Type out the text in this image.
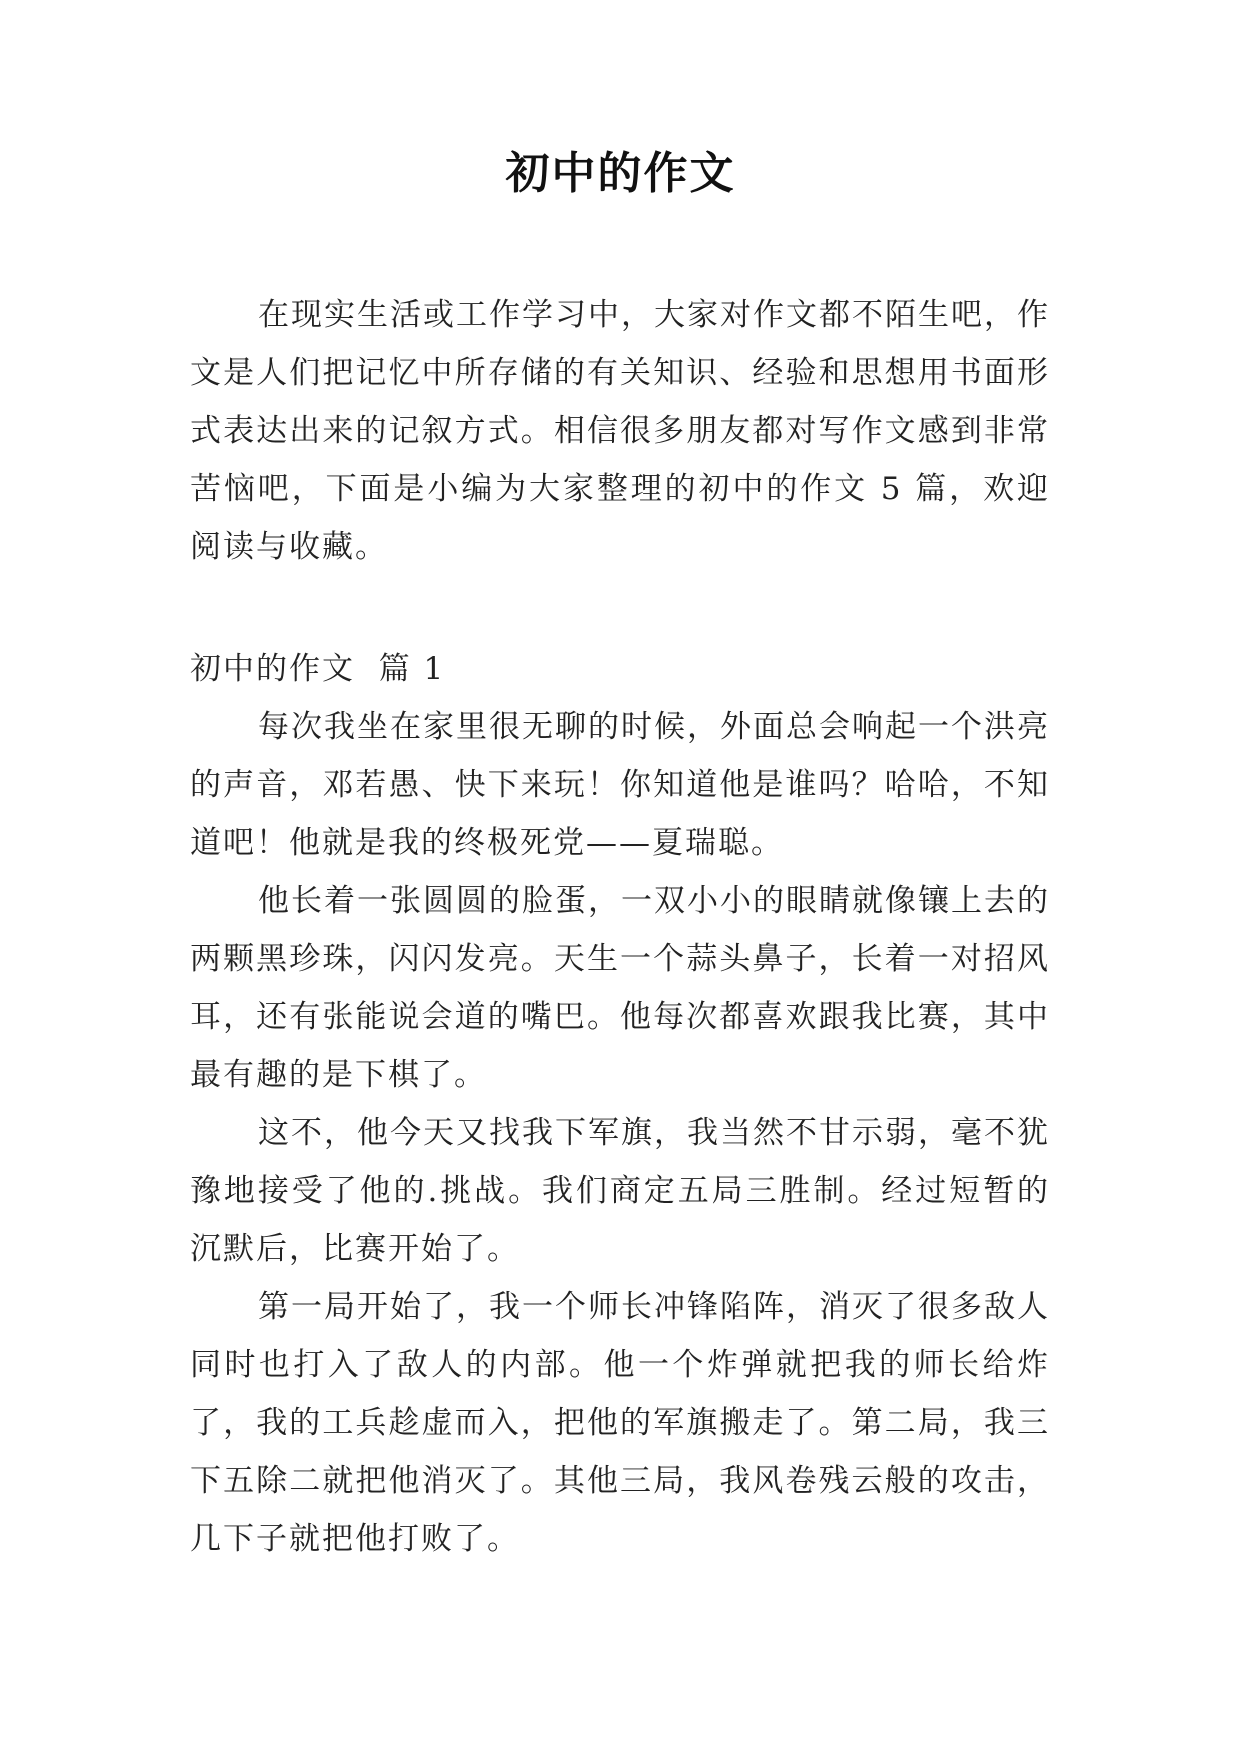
初中的作文

在现实生活或工作学习中，大家对作文都不陌生吧，作文是人们把记忆中所存储的有关知识、经验和思想用书面形式表达出来的记叙方式。相信很多朋友都对写作文感到非常苦恼吧，下面是小编为大家整理的初中的作文 5 篇，欢迎阅读与收藏。

初中的作文  篇 1

每次我坐在家里很无聊的时候，外面总会响起一个洪亮的声音，邓若愚、快下来玩！你知道他是谁吗？哈哈，不知道吧！他就是我的终极死党——夏瑞聪。

他长着一张圆圆的脸蛋，一双小小的眼睛就像镶上去的两颗黑珍珠，闪闪发亮。天生一个蒜头鼻子，长着一对招风耳，还有张能说会道的嘴巴。他每次都喜欢跟我比赛，其中最有趣的是下棋了。

这不，他今天又找我下军旗，我当然不甘示弱，毫不犹豫地接受了他的.挑战。我们商定五局三胜制。经过短暂的沉默后，比赛开始了。

第一局开始了，我一个师长冲锋陷阵，消灭了很多敌人同时也打入了敌人的内部。他一个炸弹就把我的师长给炸了，我的工兵趁虚而入，把他的军旗搬走了。第二局，我三下五除二就把他消灭了。其他三局，我风卷残云般的攻击，几下子就把他打败了。
